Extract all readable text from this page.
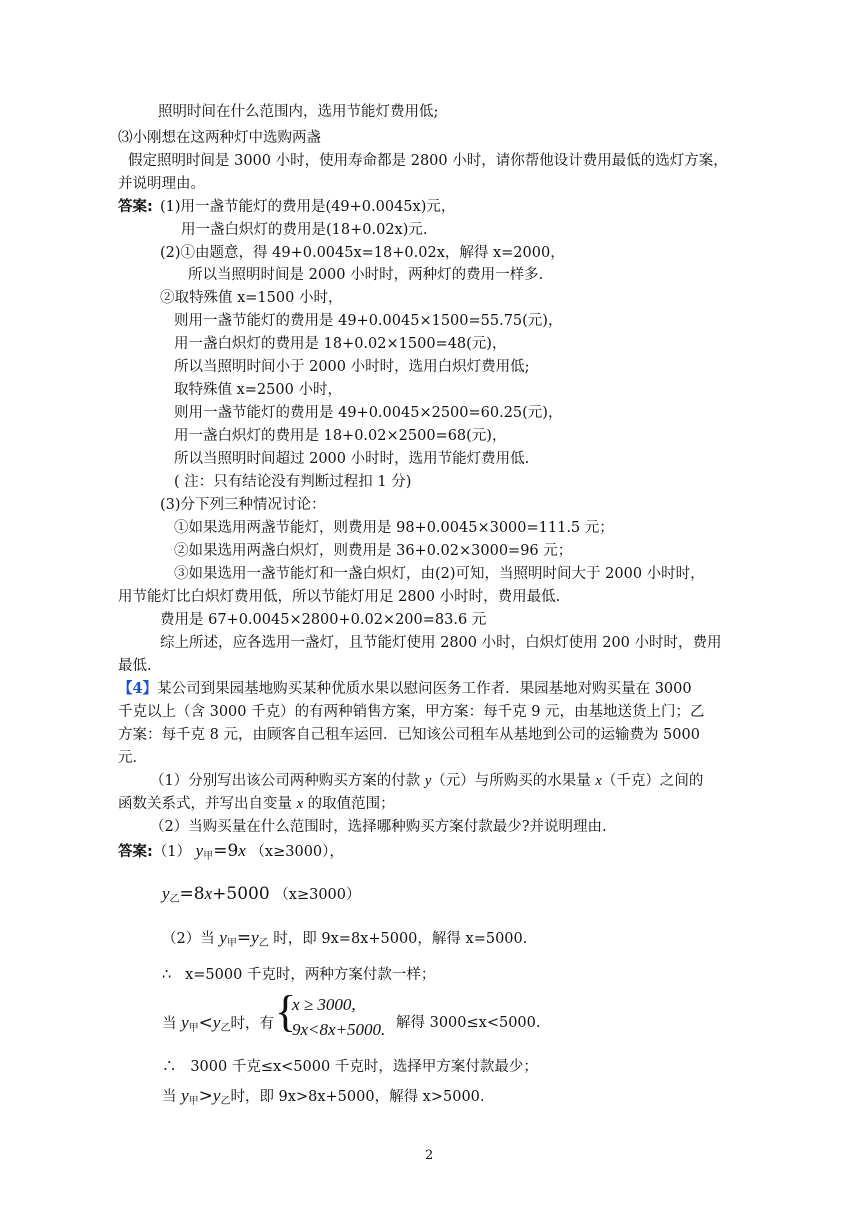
照明时间在什么范围内，选用节能灯费用低;
⑶小刚想在这两种灯中选购两盏
假定照明时间是 3000 小时，使用寿命都是 2800 小时，请你帮他设计费用最低的选灯方案，
并说明理由。
答案: (1)用一盏节能灯的费用是(49+0.0045x)元，
用一盏白炽灯的费用是(18+0.02x)元.
(2)①由题意，得 49+0.0045x=18+0.02x，解得 x=2000，
所以当照明时间是 2000 小时时，两种灯的费用一样多.
②取特殊值 x=1500 小时，
则用一盏节能灯的费用是 49+0.0045×1500=55.75(元)，
用一盏白炽灯的费用是 18+0.02×1500=48(元)，
所以当照明时间小于 2000 小时时，选用白炽灯费用低;
取特殊值 x=2500 小时，
则用一盏节能灯的费用是 49+0.0045×2500=60.25(元)，
用一盏白炽灯的费用是 18+0.02×2500=68(元)，
所以当照明时间超过 2000 小时时，选用节能灯费用低.
( 注：只有结论没有判断过程扣 1 分)
(3)分下列三种情况讨论：
①如果选用两盏节能灯，则费用是 98+0.0045×3000=111.5 元；
②如果选用两盏白炽灯，则费用是 36+0.02×3000=96 元；
③如果选用一盏节能灯和一盏白炽灯，由(2)可知，当照明时间大于 2000 小时时，
用节能灯比白炽灯费用低，所以节能灯用足 2800 小时时，费用最低.
费用是 67+0.0045×2800+0.02×200=83.6 元
综上所述，应各选用一盏灯，且节能灯使用 2800 小时，白炽灯使用 200 小时时，费用
最低.
【4】某公司到果园基地购买某种优质水果以慰问医务工作者．果园基地对购买量在 3000
千克以上（含 3000 千克）的有两种销售方案，甲方案：每千克 9 元，由基地送货上门；乙
方案：每千克 8 元，由顾客自己租车运回．已知该公司租车从基地到公司的运输费为 5000
元．
（1）分别写出该公司两种购买方案的付款 y（元）与所购买的水果量 x（千克）之间的
函数关系式，并写出自变量 x 的取值范围；
（2）当购买量在什么范围时，选择哪种购买方案付款最少?并说明理由.
答案:（1） $y_甲=9x$ （x≥3000），
$y_乙=8x+5000$ （x≥3000）
（2）当 $y_甲=y_乙$ 时，即 9x=8x+5000，解得 x=5000.
∴ x=5000 千克时，两种方案付款一样；
当 $y_甲<y_乙$时，有 {
x ≥ 3000,
9x<8x+5000. 解得 3000≤x<5000.
∴ 3000 千克≤x<5000 千克时，选择甲方案付款最少；
当 $y_甲>y_乙$时，即 9x>8x+5000，解得 x>5000.
2
